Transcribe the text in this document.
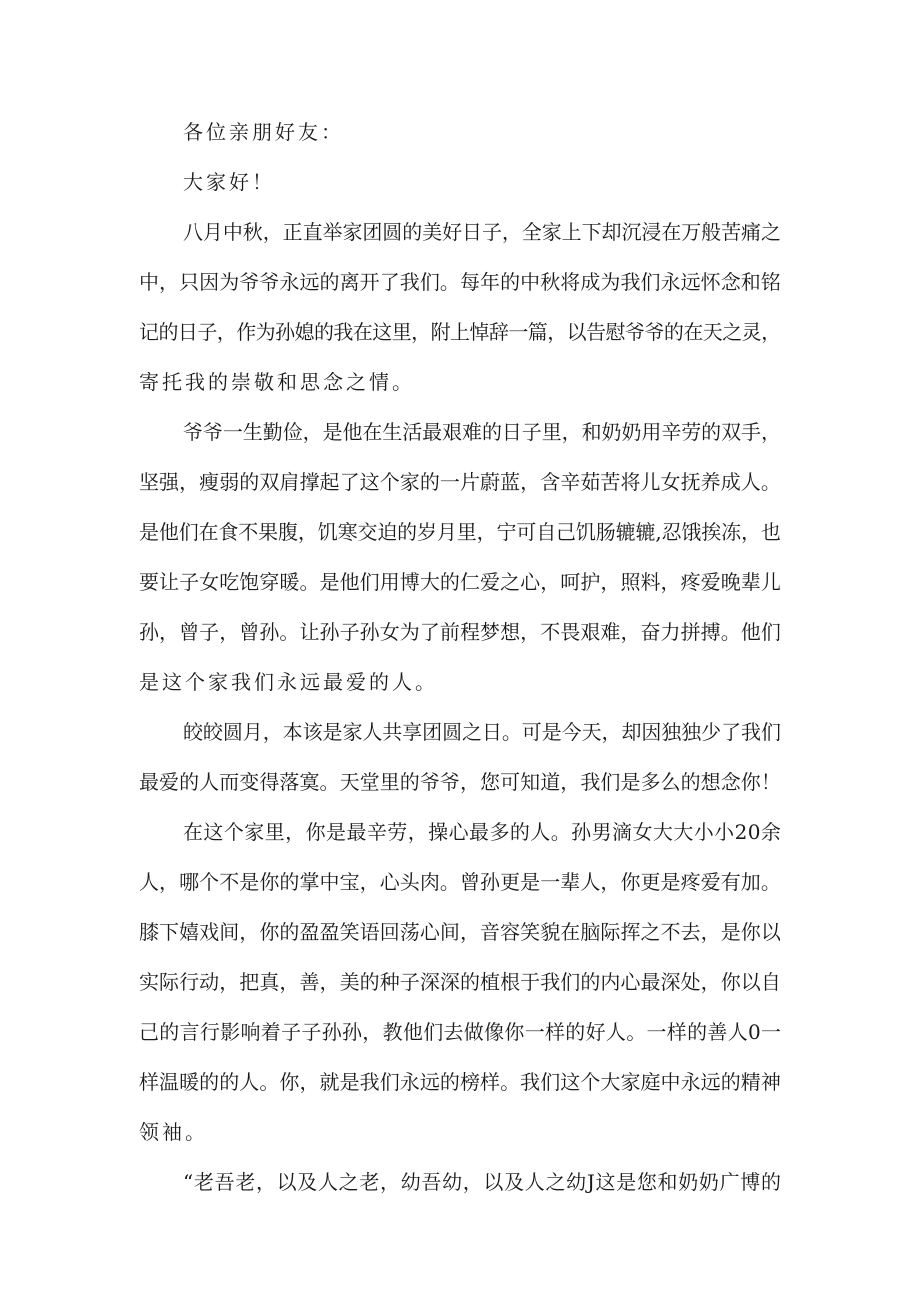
各位亲朋好友：
大家好！
八月中秋，正直举家团圆的美好日子，全家上下却沉浸在万般苦痛之
中，只因为爷爷永远的离开了我们。每年的中秋将成为我们永远怀念和铭
记的日子，作为孙媳的我在这里，附上悼辞一篇，以告慰爷爷的在天之灵，
寄托我的崇敬和思念之情。
爷爷一生勤俭，是他在生活最艰难的日子里，和奶奶用辛劳的双手，
坚强，瘦弱的双肩撑起了这个家的一片蔚蓝，含辛茹苦将儿女抚养成人。
是他们在食不果腹，饥寒交迫的岁月里，宁可自己饥肠辘辘,忍饿挨冻，也
要让子女吃饱穿暖。是他们用博大的仁爱之心，呵护，照料，疼爱晚辈儿
孙，曾子，曾孙。让孙子孙女为了前程梦想，不畏艰难，奋力拼搏。他们
是这个家我们永远最爱的人。
皎皎圆月，本该是家人共享团圆之日。可是今天，却因独独少了我们
最爱的人而变得落寞。天堂里的爷爷，您可知道，我们是多么的想念你！
在这个家里，你是最辛劳，操心最多的人。孙男滴女大大小小20余
人，哪个不是你的掌中宝，心头肉。曾孙更是一辈人，你更是疼爱有加。
膝下嬉戏间，你的盈盈笑语回荡心间，音容笑貌在脑际挥之不去，是你以
实际行动，把真，善，美的种子深深的植根于我们的内心最深处，你以自
己的言行影响着子子孙孙，教他们去做像你一样的好人。一样的善人0一
样温暖的的人。你，就是我们永远的榜样。我们这个大家庭中永远的精神
领袖。
“老吾老，以及人之老，幼吾幼，以及人之幼J这是您和奶奶广博的
